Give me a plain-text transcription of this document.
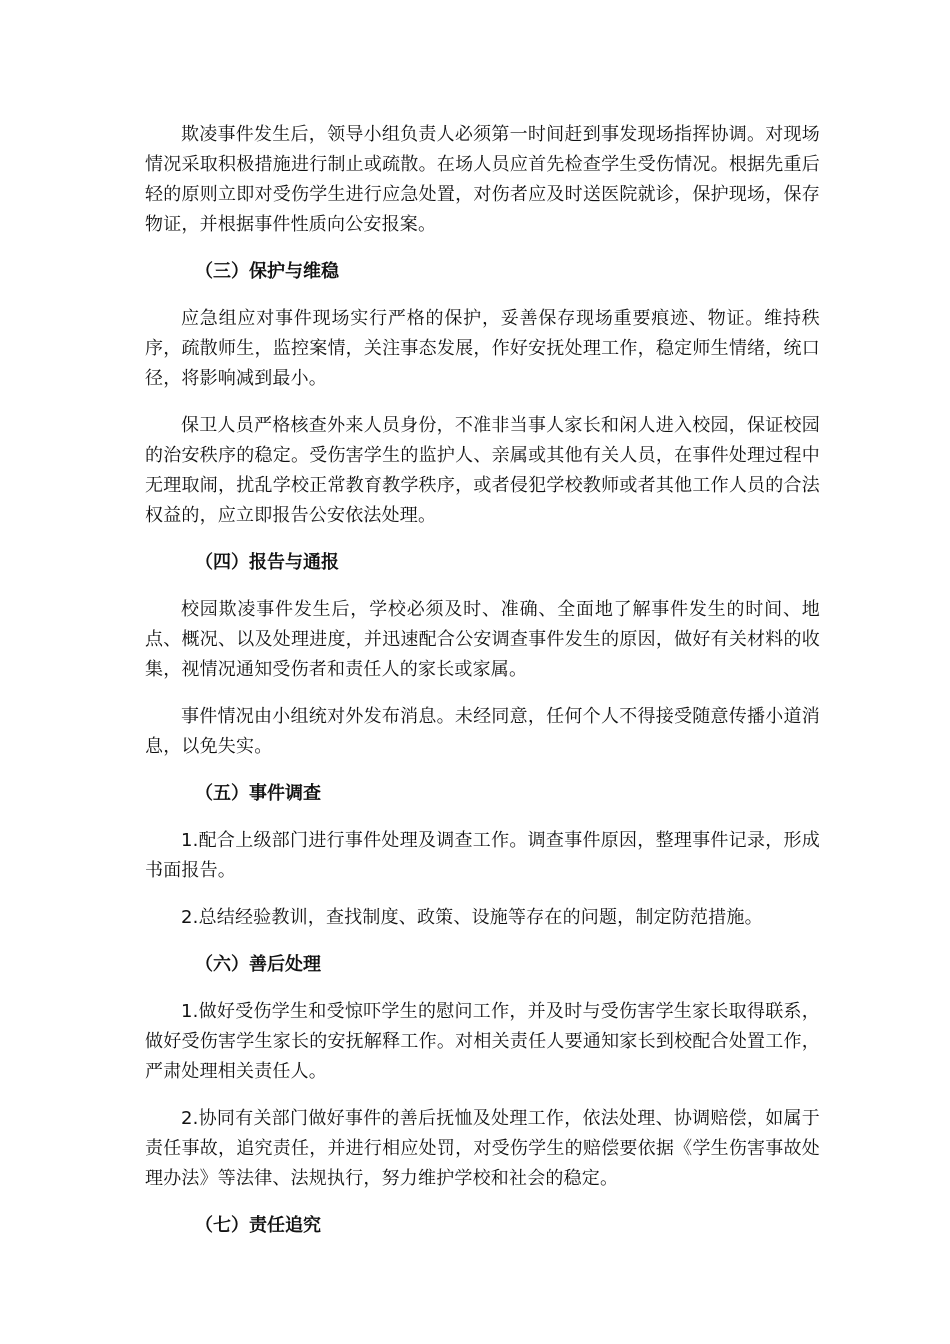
欺凌事件发生后，领导小组负责人必须第一时间赶到事发现场指挥协调。对现场情况采取积极措施进行制止或疏散。在场人员应首先检查学生受伤情况。根据先重后轻的原则立即对受伤学生进行应急处置，对伤者应及时送医院就诊，保护现场，保存物证，并根据事件性质向公安报案。

（三）保护与维稳

应急组应对事件现场实行严格的保护，妥善保存现场重要痕迹、物证。维持秩序，疏散师生，监控案情，关注事态发展，作好安抚处理工作，稳定师生情绪，统口径，将影响减到最小。

保卫人员严格核查外来人员身份，不准非当事人家长和闲人进入校园，保证校园的治安秩序的稳定。受伤害学生的监护人、亲属或其他有关人员，在事件处理过程中无理取闹，扰乱学校正常教育教学秩序，或者侵犯学校教师或者其他工作人员的合法权益的，应立即报告公安依法处理。

（四）报告与通报

校园欺凌事件发生后，学校必须及时、准确、全面地了解事件发生的时间、地点、概况、以及处理进度，并迅速配合公安调查事件发生的原因，做好有关材料的收集，视情况通知受伤者和责任人的家长或家属。

事件情况由小组统对外发布消息。未经同意，任何个人不得接受随意传播小道消息，以免失实。

（五）事件调查

1.配合上级部门进行事件处理及调查工作。调查事件原因，整理事件记录，形成书面报告。

2.总结经验教训，查找制度、政策、设施等存在的问题，制定防范措施。

（六）善后处理

1.做好受伤学生和受惊吓学生的慰问工作，并及时与受伤害学生家长取得联系，做好受伤害学生家长的安抚解释工作。对相关责任人要通知家长到校配合处置工作，严肃处理相关责任人。

2.协同有关部门做好事件的善后抚恤及处理工作，依法处理、协调赔偿，如属于责任事故，追究责任，并进行相应处罚，对受伤学生的赔偿要依据《学生伤害事故处理办法》等法律、法规执行，努力维护学校和社会的稳定。

（七）责任追究
